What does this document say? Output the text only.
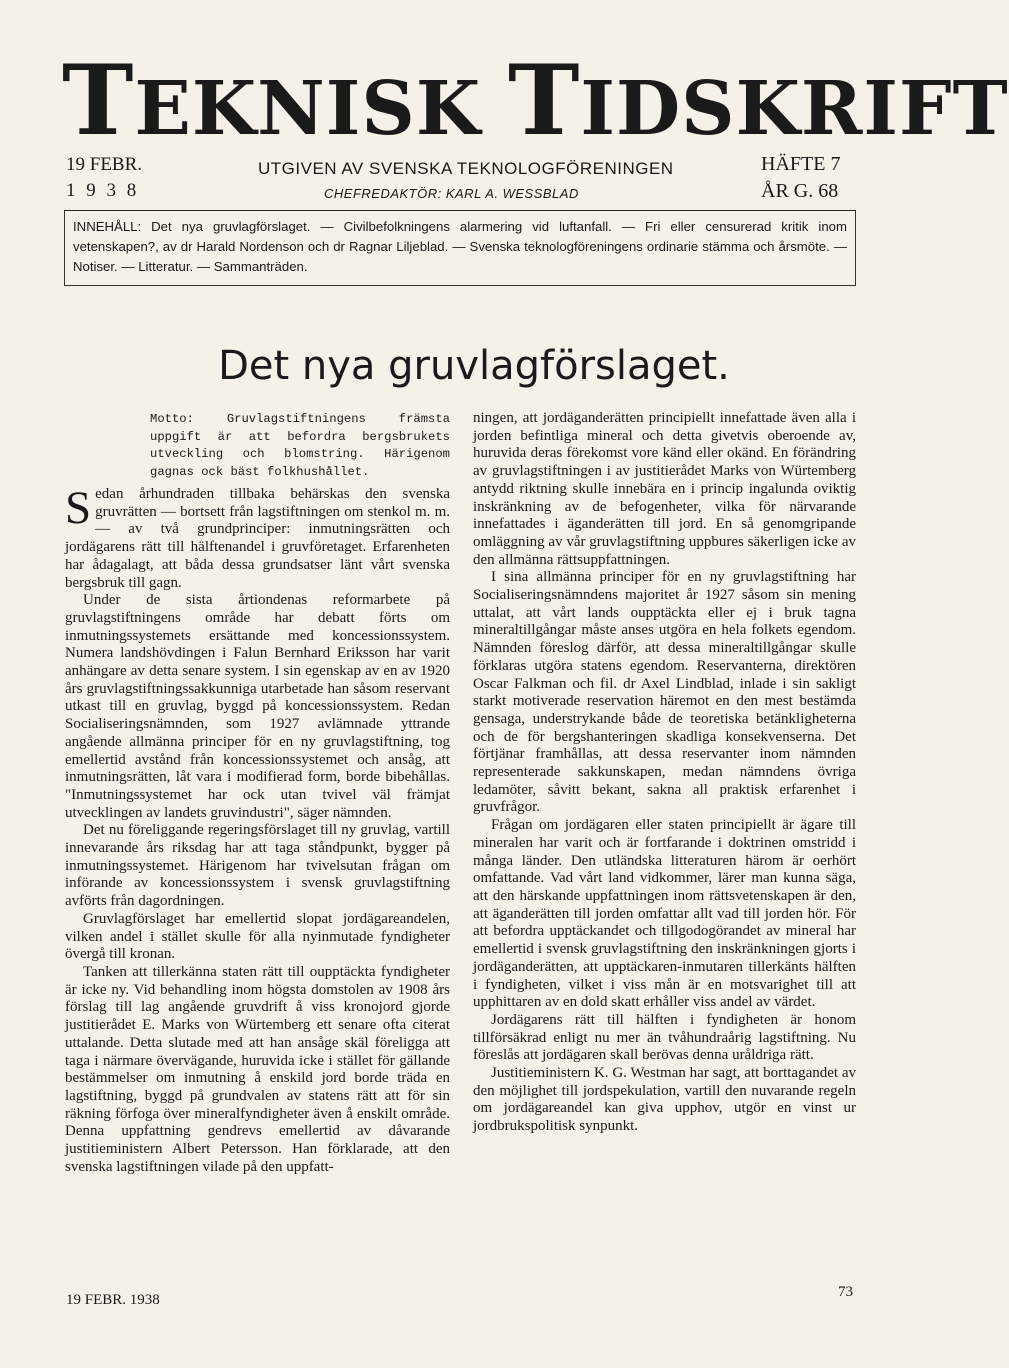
TEKNISK TIDSKRIFT
19 FEBR.
1 9 3 8
UTGIVEN AV SVENSKA TEKNOLOGFÖRENINGEN
CHEFREDAKTÖR: KARL A. WESSBLAD
HÄFTE 7
ÅR G. 68

INNEHÅLL: Det nya gruvlagförslaget. — Civilbefolkningens alarmering vid luftanfall. — Fri eller censurerad kritik inom vetenskapen?, av dr Harald Nordenson och dr Ragnar Liljeblad. — Svenska teknologföreningens ordinarie stämma och årsmöte. — Notiser. — Litteratur. — Sammanträden.

Det nya gruvlagförslaget.
Motto: Gruvlagstiftningens främsta uppgift är att befordra bergsbrukets utveckling och blomstring. Härigenom gagnas ock bäst folkhushållet.

Sedan århundraden tillbaka behärskas den svenska gruvrätten — bortsett från lagstiftningen om stenkol m. m. — av två grundprinciper: inmutningsrätten och jordägarens rätt till hälftenandel i gruvföretaget. Erfarenheten har ådagalagt, att båda dessa grundsatser länt vårt svenska bergsbruk till gagn.

Under de sista årtiondenas reformarbete på gruvlagstiftningens område har debatt förts om inmutningssystemets ersättande med koncessionssystem. Numera landshövdingen i Falun Bernhard Eriksson har varit anhängare av detta senare system. I sin egenskap av en av 1920 års gruvlagstiftningssakkunniga utarbetade han såsom reservant utkast till en gruvlag, byggd på koncessionssystem. Redan Socialiseringsnämnden, som 1927 avlämnade yttrande angående allmänna principer för en ny gruvlagstiftning, tog emellertid avstånd från koncessionssystemet och ansåg, att inmutningsrätten, låt vara i modifierad form, borde bibehållas. "Inmutningssystemet har ock utan tvivel väl främjat utvecklingen av landets gruvindustri", säger nämnden.

Det nu föreliggande regeringsförslaget till ny gruvlag, vartill innevarande års riksdag har att taga ståndpunkt, bygger på inmutningssystemet. Härigenom har tvivelsutan frågan om införande av koncessionssystem i svensk gruvlagstiftning avförts från dagordningen.

Gruvlagförslaget har emellertid slopat jordägareandelen, vilken andel i stället skulle för alla nyinmutade fyndigheter övergå till kronan.

Tanken att tillerkänna staten rätt till oupptäckta fyndigheter är icke ny. Vid behandling inom högsta domstolen av 1908 års förslag till lag angående gruvdrift å viss kronojord gjorde justitierådet E. Marks von Würtemberg ett senare ofta citerat uttalande. Detta slutade med att han ansåge skäl föreligga att taga i närmare övervägande, huruvida icke i stället för gällande bestämmelser om inmutning å enskild jord borde träda en lagstiftning, byggd på grundvalen av statens rätt att för sin räkning förfoga över mineralfyndigheter även å enskilt område. Denna uppfattning gendrevs emellertid av dåvarande justitieministern Albert Petersson. Han förklarade, att den svenska lagstiftningen vilade på den uppfatt-

ningen, att jordäganderätten principiellt innefattade även alla i jorden befintliga mineral och detta givetvis oberoende av, huruvida deras förekomst vore känd eller okänd. En förändring av gruvlagstiftningen i av justitierådet Marks von Würtemberg antydd riktning skulle innebära en i princip ingalunda oviktig inskränkning av de befogenheter, vilka för närvarande innefattades i äganderätten till jord. En så genomgripande omläggning av vår gruvlagstiftning uppbures säkerligen icke av den allmänna rättsuppfattningen.

I sina allmänna principer för en ny gruvlagstiftning har Socialiseringsnämndens majoritet år 1927 såsom sin mening uttalat, att vårt lands oupptäckta eller ej i bruk tagna mineraltillgångar måste anses utgöra en hela folkets egendom. Nämnden föreslog därför, att dessa mineraltillgångar skulle förklaras utgöra statens egendom. Reservanterna, direktören Oscar Falkman och fil. dr Axel Lindblad, inlade i sin sakligt starkt motiverade reservation häremot en den mest bestämda gensaga, understrykande både de teoretiska betänkligheterna och de för bergshanteringen skadliga konsekvenserna. Det förtjänar framhållas, att dessa reservanter inom nämnden representerade sakkunskapen, medan nämndens övriga ledamöter, såvitt bekant, sakna all praktisk erfarenhet i gruvfrågor.

Frågan om jordägaren eller staten principiellt är ägare till mineralen har varit och är fortfarande i doktrinen omstridd i många länder. Den utländska litteraturen härom är oerhört omfattande. Vad vårt land vidkommer, lärer man kunna säga, att den härskande uppfattningen inom rättsvetenskapen är den, att äganderätten till jorden omfattar allt vad till jorden hör. För att befordra upptäckandet och tillgodogörandet av mineral har emellertid i svensk gruvlagstiftning den inskränkningen gjorts i jordäganderätten, att upptäckaren-inmutaren tillerkänts hälften i fyndigheten, vilket i viss mån är en motsvarighet till att upphittaren av en dold skatt erhåller viss andel av värdet.

Jordägarens rätt till hälften i fyndigheten är honom tillförsäkrad enligt nu mer än tvåhundraårig lagstiftning. Nu föreslås att jordägaren skall berövas denna uråldriga rätt.

Justitieministern K. G. Westman har sagt, att borttagandet av den möjlighet till jordspekulation, vartill den nuvarande regeln om jordägareandel kan giva upphov, utgör en vinst ur jordbrukspolitisk synpunkt.

19 FEBR. 1938	73
